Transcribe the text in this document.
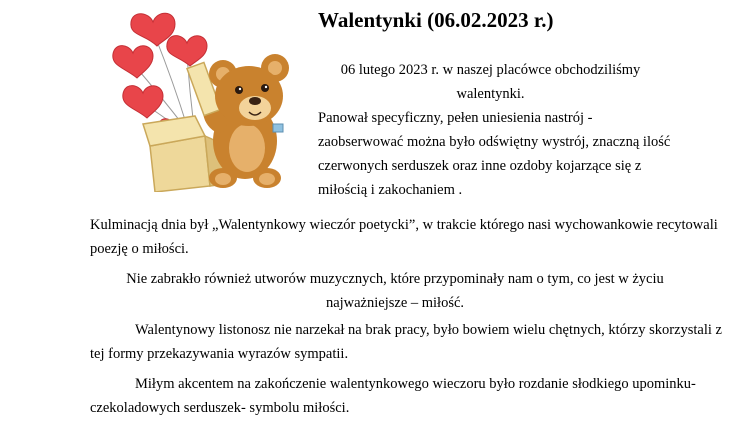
Walentynki (06.02.2023 r.)

06 lutego 2023 r. w naszej placówce obchodziliśmy walentynki.

Panował specyficzny, pełen uniesienia nastrój - zaobserwować można było odświętny wystrój, znaczną ilość czerwonych serduszek oraz inne ozdoby kojarzące się z miłością i zakochaniem .

Kulminacją dnia był „Walentynkowy wieczór poetycki”, w trakcie którego nasi wychowankowie recytowali poezję o miłości.

Nie zabrakło również utworów muzycznych, które przypominały nam o tym, co jest w życiu najważniejsze – miłość.

Walentynowy listonosz nie narzekał na brak pracy, było bowiem wielu chętnych, którzy skorzystali z tej formy przekazywania wyrazów sympatii.

Miłym akcentem na zakończenie walentynkowego wieczoru było rozdanie słodkiego upominku- czekoladowych serduszek- symbolu miłości.
